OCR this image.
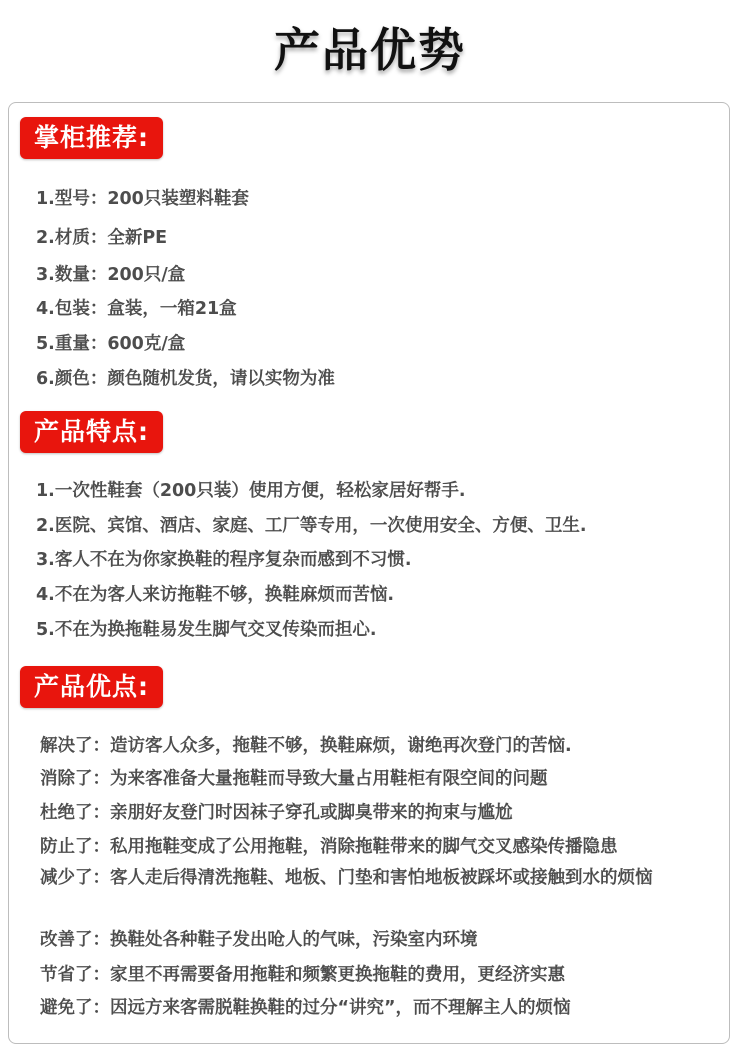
产品优势
掌柜推荐:
1.型号：200只装塑料鞋套
2.材质：全新PE
3.数量：200只/盒
4.包装：盒装，一箱21盒
5.重量：600克/盒
6.颜色：颜色随机发货，请以实物为准
产品特点:
1.一次性鞋套（200只装）使用方便，轻松家居好帮手.
2.医院、宾馆、酒店、家庭、工厂等专用，一次使用安全、方便、卫生.
3.客人不在为你家换鞋的程序复杂而感到不习惯.
4.不在为客人来访拖鞋不够，换鞋麻烦而苦恼.
5.不在为换拖鞋易发生脚气交叉传染而担心.
产品优点:
解决了：造访客人众多，拖鞋不够，换鞋麻烦，谢绝再次登门的苦恼.
消除了：为来客准备大量拖鞋而导致大量占用鞋柜有限空间的问题
杜绝了：亲朋好友登门时因袜子穿孔或脚臭带来的拘束与尴尬
防止了：私用拖鞋变成了公用拖鞋，消除拖鞋带来的脚气交叉感染传播隐患
减少了：客人走后得清洗拖鞋、地板、门垫和害怕地板被踩坏或接触到水的烦恼
改善了：换鞋处各种鞋子发出呛人的气味，污染室内环境
节省了：家里不再需要备用拖鞋和频繁更换拖鞋的费用，更经济实惠
避免了：因远方来客需脱鞋换鞋的过分“讲究”，而不理解主人的烦恼
